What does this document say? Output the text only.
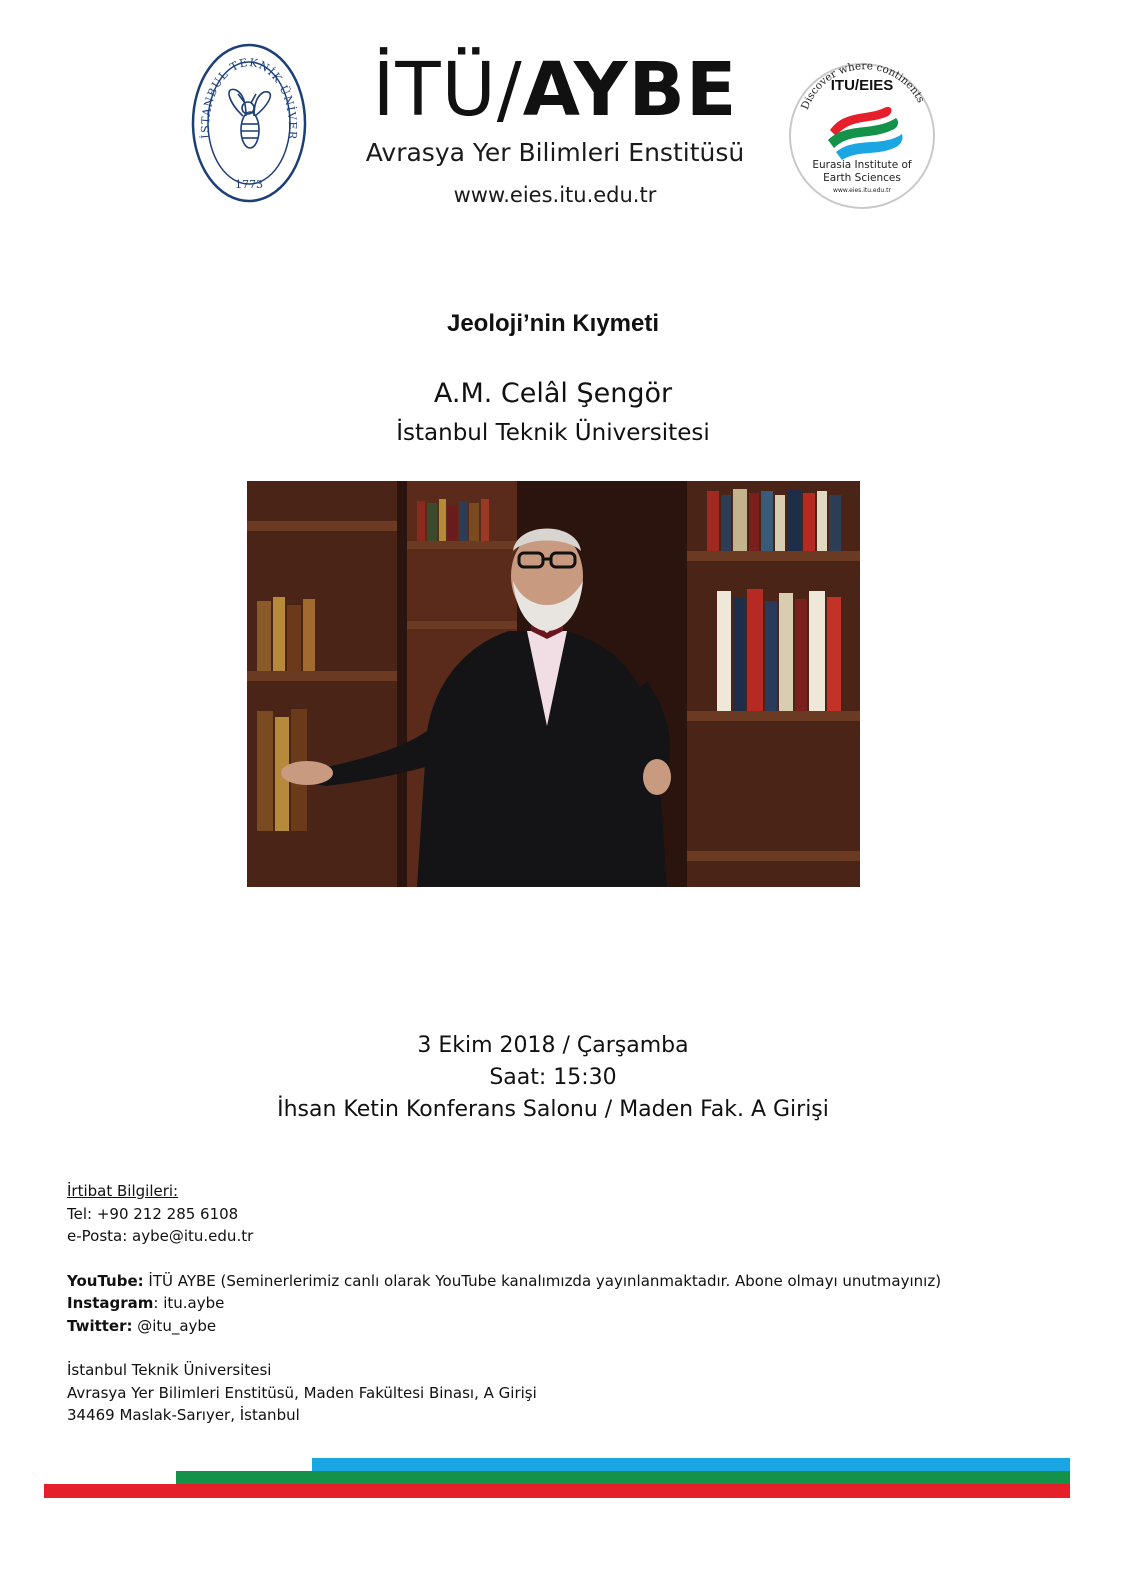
İSTANBUL TEKNİK ÜNİVER
1773
İTÜ/AYBE
Avrasya Yer Bilimleri Enstitüsü
www.eies.itu.edu.tr
Discover where continents
ITU/EIES
Eurasia Institute of
Earth Sciences
www.eies.itu.edu.tr
Jeoloji’nin Kıymeti
A.M. Celâl Şengör
İstanbul Teknik Üniversitesi
3 Ekim 2018 / Çarşamba
Saat: 15:30
İhsan Ketin Konferans Salonu / Maden Fak. A Girişi
İrtibat Bilgileri:
Tel: +90 212 285 6108
e-Posta: aybe@itu.edu.tr
YouTube: İTÜ AYBE (Seminerlerimiz canlı olarak YouTube kanalımızda yayınlanmaktadır. Abone olmayı unutmayınız)
Instagram: itu.aybe
Twitter: @itu_aybe
İstanbul Teknik Üniversitesi
Avrasya Yer Bilimleri Enstitüsü, Maden Fakültesi Binası, A Girişi
34469 Maslak-Sarıyer, İstanbul
